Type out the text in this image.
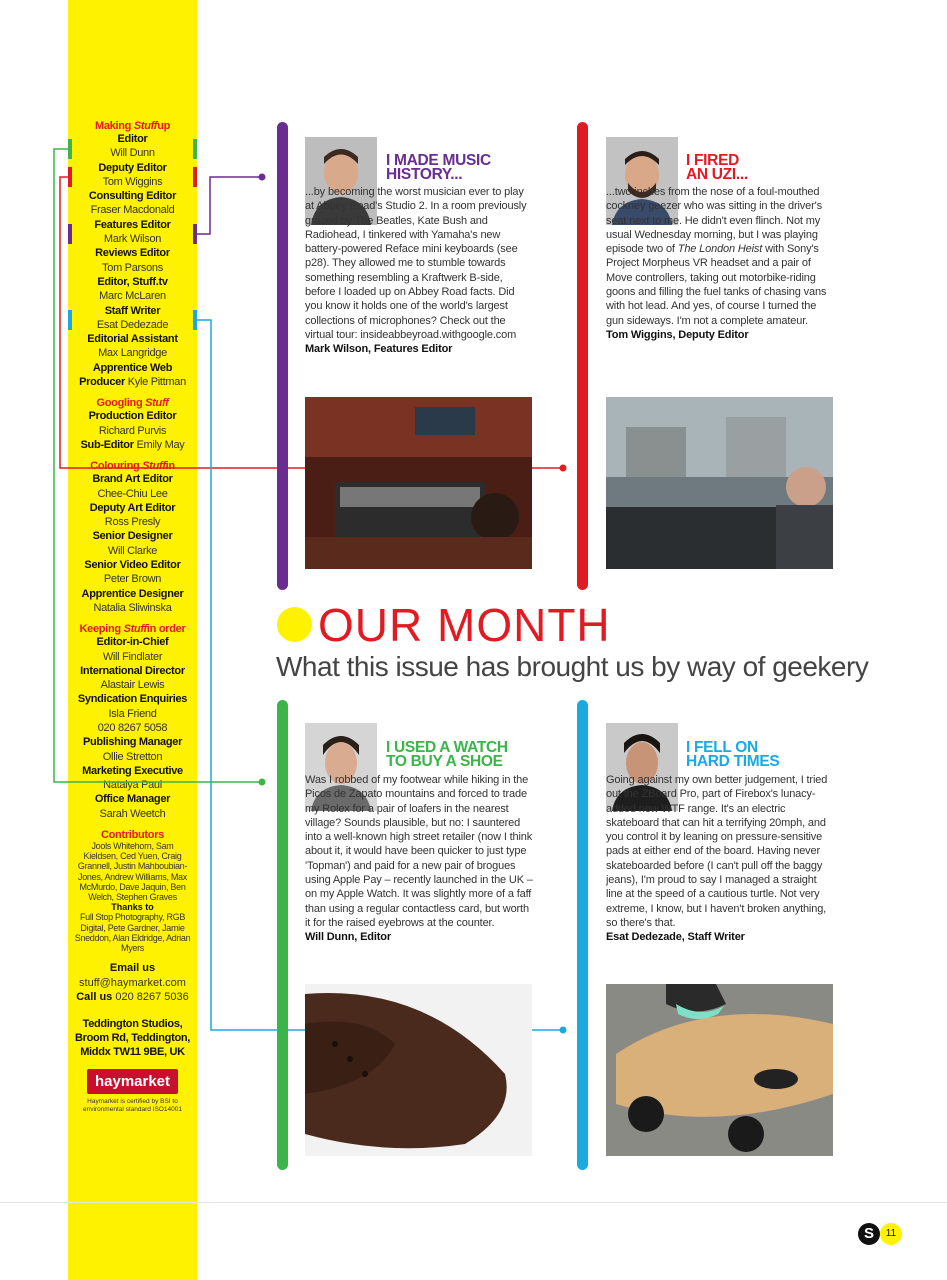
Making Stuffup
Editor
Will Dunn
Deputy Editor
Tom Wiggins
Consulting Editor
Fraser Macdonald
Features Editor
Mark Wilson
Reviews Editor
Tom Parsons
Editor, Stuff.tv
Marc McLaren
Staff Writer
Esat Dedezade
Editorial Assistant
Max Langridge
Apprentice Web
Producer Kyle Pittman
Googling Stuff
Production Editor
Richard Purvis
Sub-Editor Emily May
Colouring Stuffin
Brand Art Editor
Chee-Chiu Lee
Deputy Art Editor
Ross Presly
Senior Designer
Will Clarke
Senior Video Editor
Peter Brown
Apprentice Designer
Natalia Sliwinska
Keeping Stuffin order
Editor-in-Chief
Will Findlater
International Director
Alastair Lewis
Syndication Enquiries
Isla Friend
020 8267 5058
Publishing Manager
Ollie Stretton
Marketing Executive
Natalya Paul
Office Manager
Sarah Weetch
Contributors
Jools Whitehorn, Sam Kieldsen, Ced Yuen, Craig Grannell, Justin Mahboubian-Jones, Andrew Williams, Max McMurdo, Dave Jaquin, Ben Welch, Stephen Graves
Thanks to
Full Stop Photography, RGB Digital, Pete Gardner, Jamie Sneddon, Alan Eldridge, Adrian Myers
Email us
stuff@haymarket.com
Call us 020 8267 5036
Teddington Studios,
Broom Rd, Teddington,
Middx TW11 9BE, UK
haymarket
Haymarket is certified by BSI to environmental standard ISO14001
I MADE MUSIC
HISTORY...
...by becoming the worst musician ever to play at Abbey Road's Studio 2. In a room previously graced by The Beatles, Kate Bush and Radiohead, I tinkered with Yamaha's new battery-powered Reface mini keyboards (see p28). They allowed me to stumble towards something resembling a Kraftwerk B-side, before I loaded up on Abbey Road facts. Did you know it holds one of the world's largest collections of microphones? Check out the virtual tour: insideabbeyroad.withgoogle.com
Mark Wilson, Features Editor
I FIRED
AN UZI...
...two inches from the nose of a foul-mouthed cockney geezer who was sitting in the driver's seat next to me. He didn't even flinch. Not my usual Wednesday morning, but I was playing episode two of The London Heist with Sony's Project Morpheus VR headset and a pair of Move controllers, taking out motorbike-riding goons and filling the fuel tanks of chasing vans with hot lead. And yes, of course I turned the gun sideways. I'm not a complete amateur.
Tom Wiggins, Deputy Editor
OUR MONTH
What this issue has brought us by way of geekery
I USED A WATCH
TO BUY A SHOE
Was I robbed of my footwear while hiking in the Picos de Zapato mountains and forced to trade my Rolex for a pair of loafers in the nearest village? Sounds plausible, but no: I sauntered into a well-known high street retailer (now I think about it, it would have been quicker to just type 'Topman') and paid for a new pair of brogues using Apple Pay – recently launched in the UK – on my Apple Watch. It was slightly more of a faff than using a regular contactless card, but worth it for the raised eyebrows at the counter.
Will Dunn, Editor
I FELL ON
HARD TIMES
Going against my own better judgement, I tried out the ZBoard Pro, part of Firebox's lunacy-added new WTF range. It's an electric skateboard that can hit a terrifying 20mph, and you control it by leaning on pressure-sensitive pads at either end of the board. Having never skateboarded before (I can't pull off the baggy jeans), I'm proud to say I managed a straight line at the speed of a cautious turtle. Not very extreme, I know, but I haven't broken anything, so there's that.
Esat Dedezade, Staff Writer
S	11
